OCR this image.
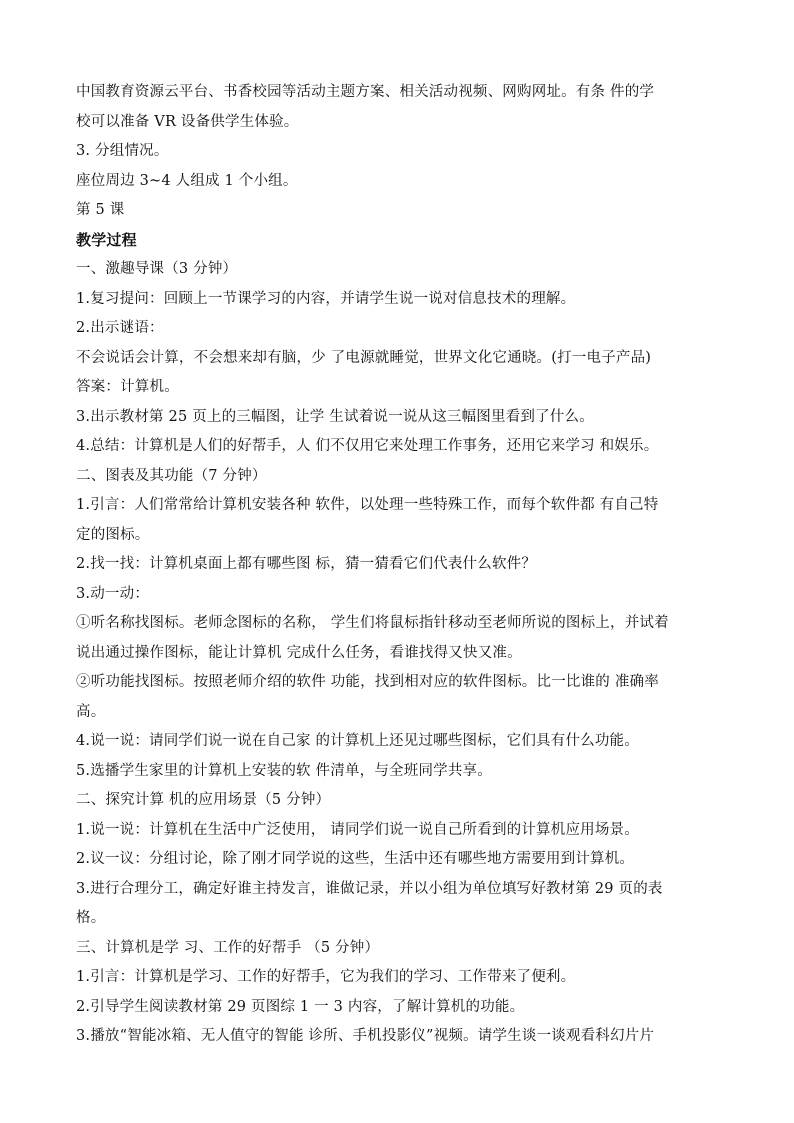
中国教育资源云平台、书香校园等活动主题方案、相关活动视频、网购网址。有条 件的学
校可以准备 VR 设备供学生体验。
3. 分组情况。
座位周边 3~4 人组成 1 个小组。
第 5 课
教学过程
一、激趣导课（3 分钟）
1.复习提问：回顾上一节课学习的内容，并请学生说一说对信息技术的理解。
2.出示谜语：
不会说话会计算，不会想来却有脑，少 了电源就睡觉，世界文化它通晓。(打一电子产品)
答案：计算机。
3.出示教材第 25 页上的三幅图，让学 生试着说一说从这三幅图里看到了什么。
4.总结：计算机是人们的好帮手，人 们不仅用它来处理工作事务，还用它来学习 和娱乐。
二、图表及其功能（7 分钟）
1.引言：人们常常给计算机安装各种 软件，以处理一些特殊工作，而每个软件都 有自己特
定的图标。
2.找一找：计算机桌面上都有哪些图 标，猜一猜看它们代表什么软件？
3.动一动：
①听名称找图标。老师念图标的名称， 学生们将鼠标指针移动至老师所说的图标上，并试着
说出通过操作图标，能让计算机 完成什么任务，看谁找得又快又准。
②听功能找图标。按照老师介绍的软件 功能，找到相对应的软件图标。比一比谁的 准确率
高。
4.说一说：请同学们说一说在自己家 的计算机上还见过哪些图标，它们具有什么功能。
5.选播学生家里的计算机上安装的软 件清单，与全班同学共享。
二、探究计算 机的应用场景（5 分钟）
1.说一说：计算机在生活中广泛使用， 请同学们说一说自己所看到的计算机应用场景。
2.议一议：分组讨论，除了刚才同学说的这些，生活中还有哪些地方需要用到计算机。
3.进行合理分工，确定好谁主持发言，谁做记录，并以小组为单位填写好教材第 29 页的表
格。
三、计算机是学 习、工作的好帮手 （5 分钟）
1.引言：计算机是学习、工作的好帮手，它为我们的学习、工作带来了便利。
2.引导学生阅读教材第 29 页图综 1 一 3 内容，了解计算机的功能。
3.播放“智能冰箱、无人值守的智能 诊所、手机投影仪”视频。请学生谈一谈观看科幻片片
